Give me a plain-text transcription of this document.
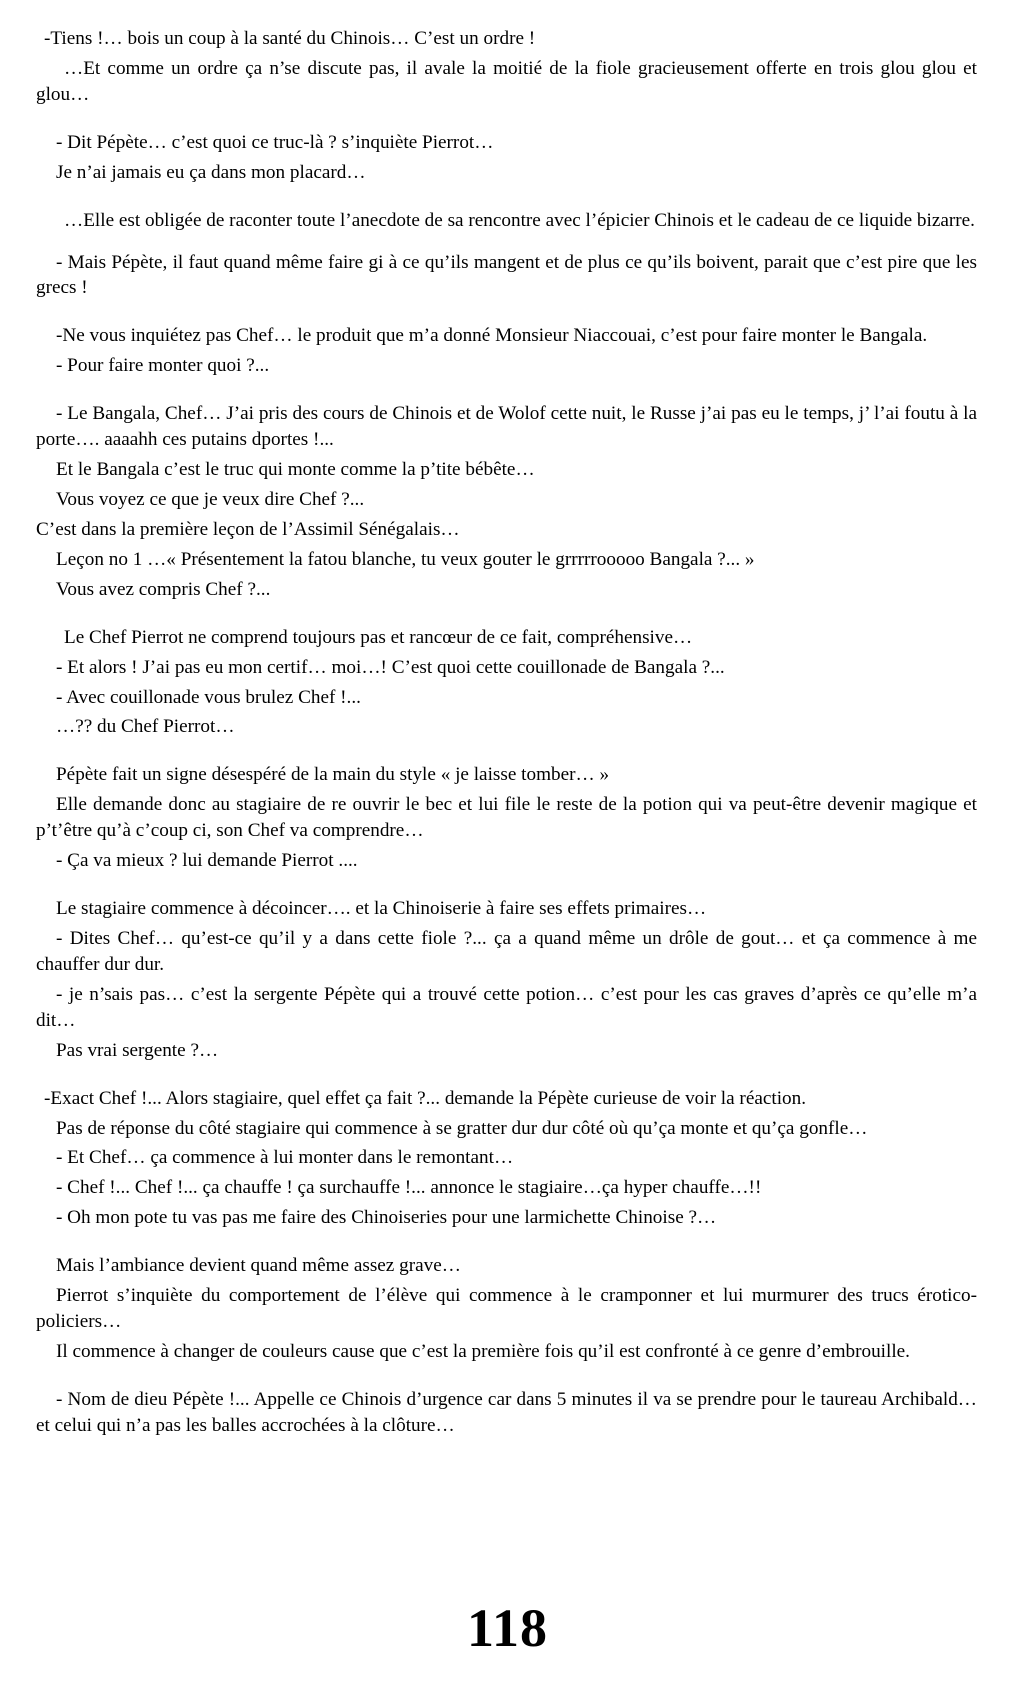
-Tiens !… bois un coup à la santé du Chinois… C’est un ordre !

…Et comme un ordre ça n’se discute pas, il avale la moitié de la fiole gracieusement offerte en trois glou glou et glou…

- Dit Pépète… c’est quoi ce truc-là ? s’inquiète Pierrot…

Je n’ai jamais eu ça dans mon placard…

…Elle est obligée de raconter toute l’anecdote de sa rencontre avec l’épicier Chinois et le cadeau de ce liquide bizarre.

- Mais Pépète, il faut quand même faire gi à ce qu’ils mangent et de plus ce qu’ils boivent, parait que c’est pire que les grecs !

-Ne vous inquiétez pas Chef… le produit que m’a donné Monsieur Niaccouai, c’est pour faire monter le Bangala.

- Pour faire monter quoi ?...

- Le Bangala, Chef… J’ai pris des cours de Chinois et de Wolof cette nuit, le Russe j’ai pas eu le temps, j’ l’ai foutu à la porte…. aaaahh ces putains dportes !...

Et le Bangala c’est le truc qui monte comme la p’tite bébête…

Vous voyez ce que je veux dire Chef ?...

C’est dans la première leçon de l’Assimil Sénégalais…

Leçon no 1 …« Présentement la fatou blanche, tu veux gouter le grrrrrooooo Bangala ?... »

Vous avez compris Chef ?...

Le Chef Pierrot ne comprend toujours pas et rancœur de ce fait, compréhensive…

- Et alors ! J’ai pas eu mon certif… moi…! C’est quoi cette couillonade de Bangala ?...

- Avec couillonade vous brulez Chef !...

…?? du Chef Pierrot…

Pépète fait un signe désespéré de la main du style « je laisse tomber… »

Elle demande donc au stagiaire de re ouvrir le bec et lui file le reste de la potion qui va peut-être devenir magique et p’t’être qu’à c’coup ci, son Chef va comprendre…

- Ça va mieux ? lui demande Pierrot ....

Le stagiaire commence à décoincer…. et la Chinoiserie à faire ses effets primaires…

- Dites Chef… qu’est-ce qu’il y a dans cette fiole ?... ça a quand même un drôle de gout… et ça commence à me chauffer dur dur.

- je n’sais pas… c’est la sergente Pépète qui a trouvé cette potion… c’est pour les cas graves d’après ce qu’elle m’a dit…

Pas vrai sergente ?…

-Exact Chef !... Alors stagiaire, quel effet ça fait ?... demande la Pépète curieuse de voir la réaction.

Pas de réponse du côté stagiaire qui commence à se gratter dur dur côté où qu’ça monte et qu’ça gonfle…

- Et Chef… ça commence à lui monter dans le remontant…

- Chef !... Chef !... ça chauffe ! ça surchauffe !... annonce le stagiaire…ça hyper chauffe…!!

- Oh mon pote tu vas pas me faire des Chinoiseries pour une larmichette Chinoise ?…

Mais l’ambiance devient quand même assez grave…

Pierrot s’inquiète du comportement de l’élève qui commence à le cramponner et lui murmurer des trucs érotico-policiers…

Il commence à changer de couleurs cause que c’est la première fois qu’il est confronté à ce genre d’embrouille.

- Nom de dieu Pépète !... Appelle ce Chinois d’urgence car dans 5 minutes il va se prendre pour le taureau Archibald… et celui qui n’a pas les balles accrochées à la clôture…

118
